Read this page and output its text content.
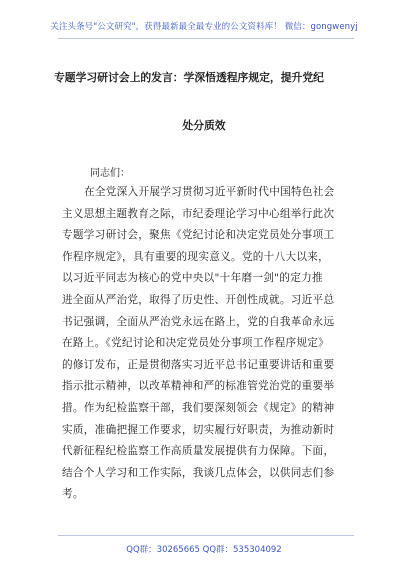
关注头条号"公文研究"，获得最新最全最专业的公文资料库！ 微信：gongwenyj
专题学习研讨会上的发言：学深悟透程序规定，提升党纪
处分质效
同志们：
在全党深入开展学习贯彻习近平新时代中国特色社会
主义思想主题教育之际，市纪委理论学习中心组举行此次
专题学习研讨会，聚焦《党纪讨论和决定党员处分事项工
作程序规定》，具有重要的现实意义。党的十八大以来，
以习近平同志为核心的党中央以"十年磨一剑"的定力推
进全面从严治党，取得了历史性、开创性成就。习近平总
书记强调，全面从严治党永远在路上，党的自我革命永远
在路上。《党纪讨论和决定党员处分事项工作程序规定》
的修订发布，正是贯彻落实习近平总书记重要讲话和重要
指示批示精神，以改革精神和严的标准管党治党的重要举
措。作为纪检监察干部，我们要深刻领会《规定》的精神
实质，准确把握工作要求，切实履行好职责，为推动新时
代新征程纪检监察工作高质量发展提供有力保障。下面，
结合个人学习和工作实际，我谈几点体会，以供同志们参
考。
QQ群：30265665 QQ群：535304092
